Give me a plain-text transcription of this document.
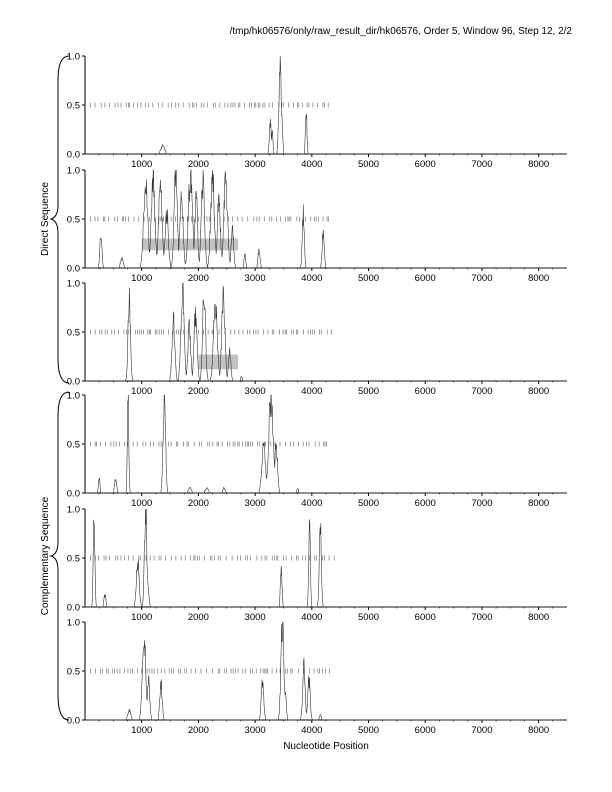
/tmp/hk06576/only/raw_result_dir/hk06576, Order 5, Window 96, Step 12, 2/2
0.0
0.5
1.0
1000	2000	3000	4000	5000	6000	7000	8000
0.0
0.5
1.0
1000	2000	3000	4000	5000	6000	7000	8000
0.0
0.5
1.0
1000	2000	3000	4000	5000	6000	7000	8000
0.0
0.5
1.0
1000	2000	3000	4000	5000	6000	7000	8000
0.0
0.5
1.0
1000	2000	3000	4000	5000	6000	7000	8000
0.0
0.5
1.0
1000	2000	3000	4000	5000	6000	7000	8000
Direct Sequence
Complementary Sequence
Nucleotide Position
